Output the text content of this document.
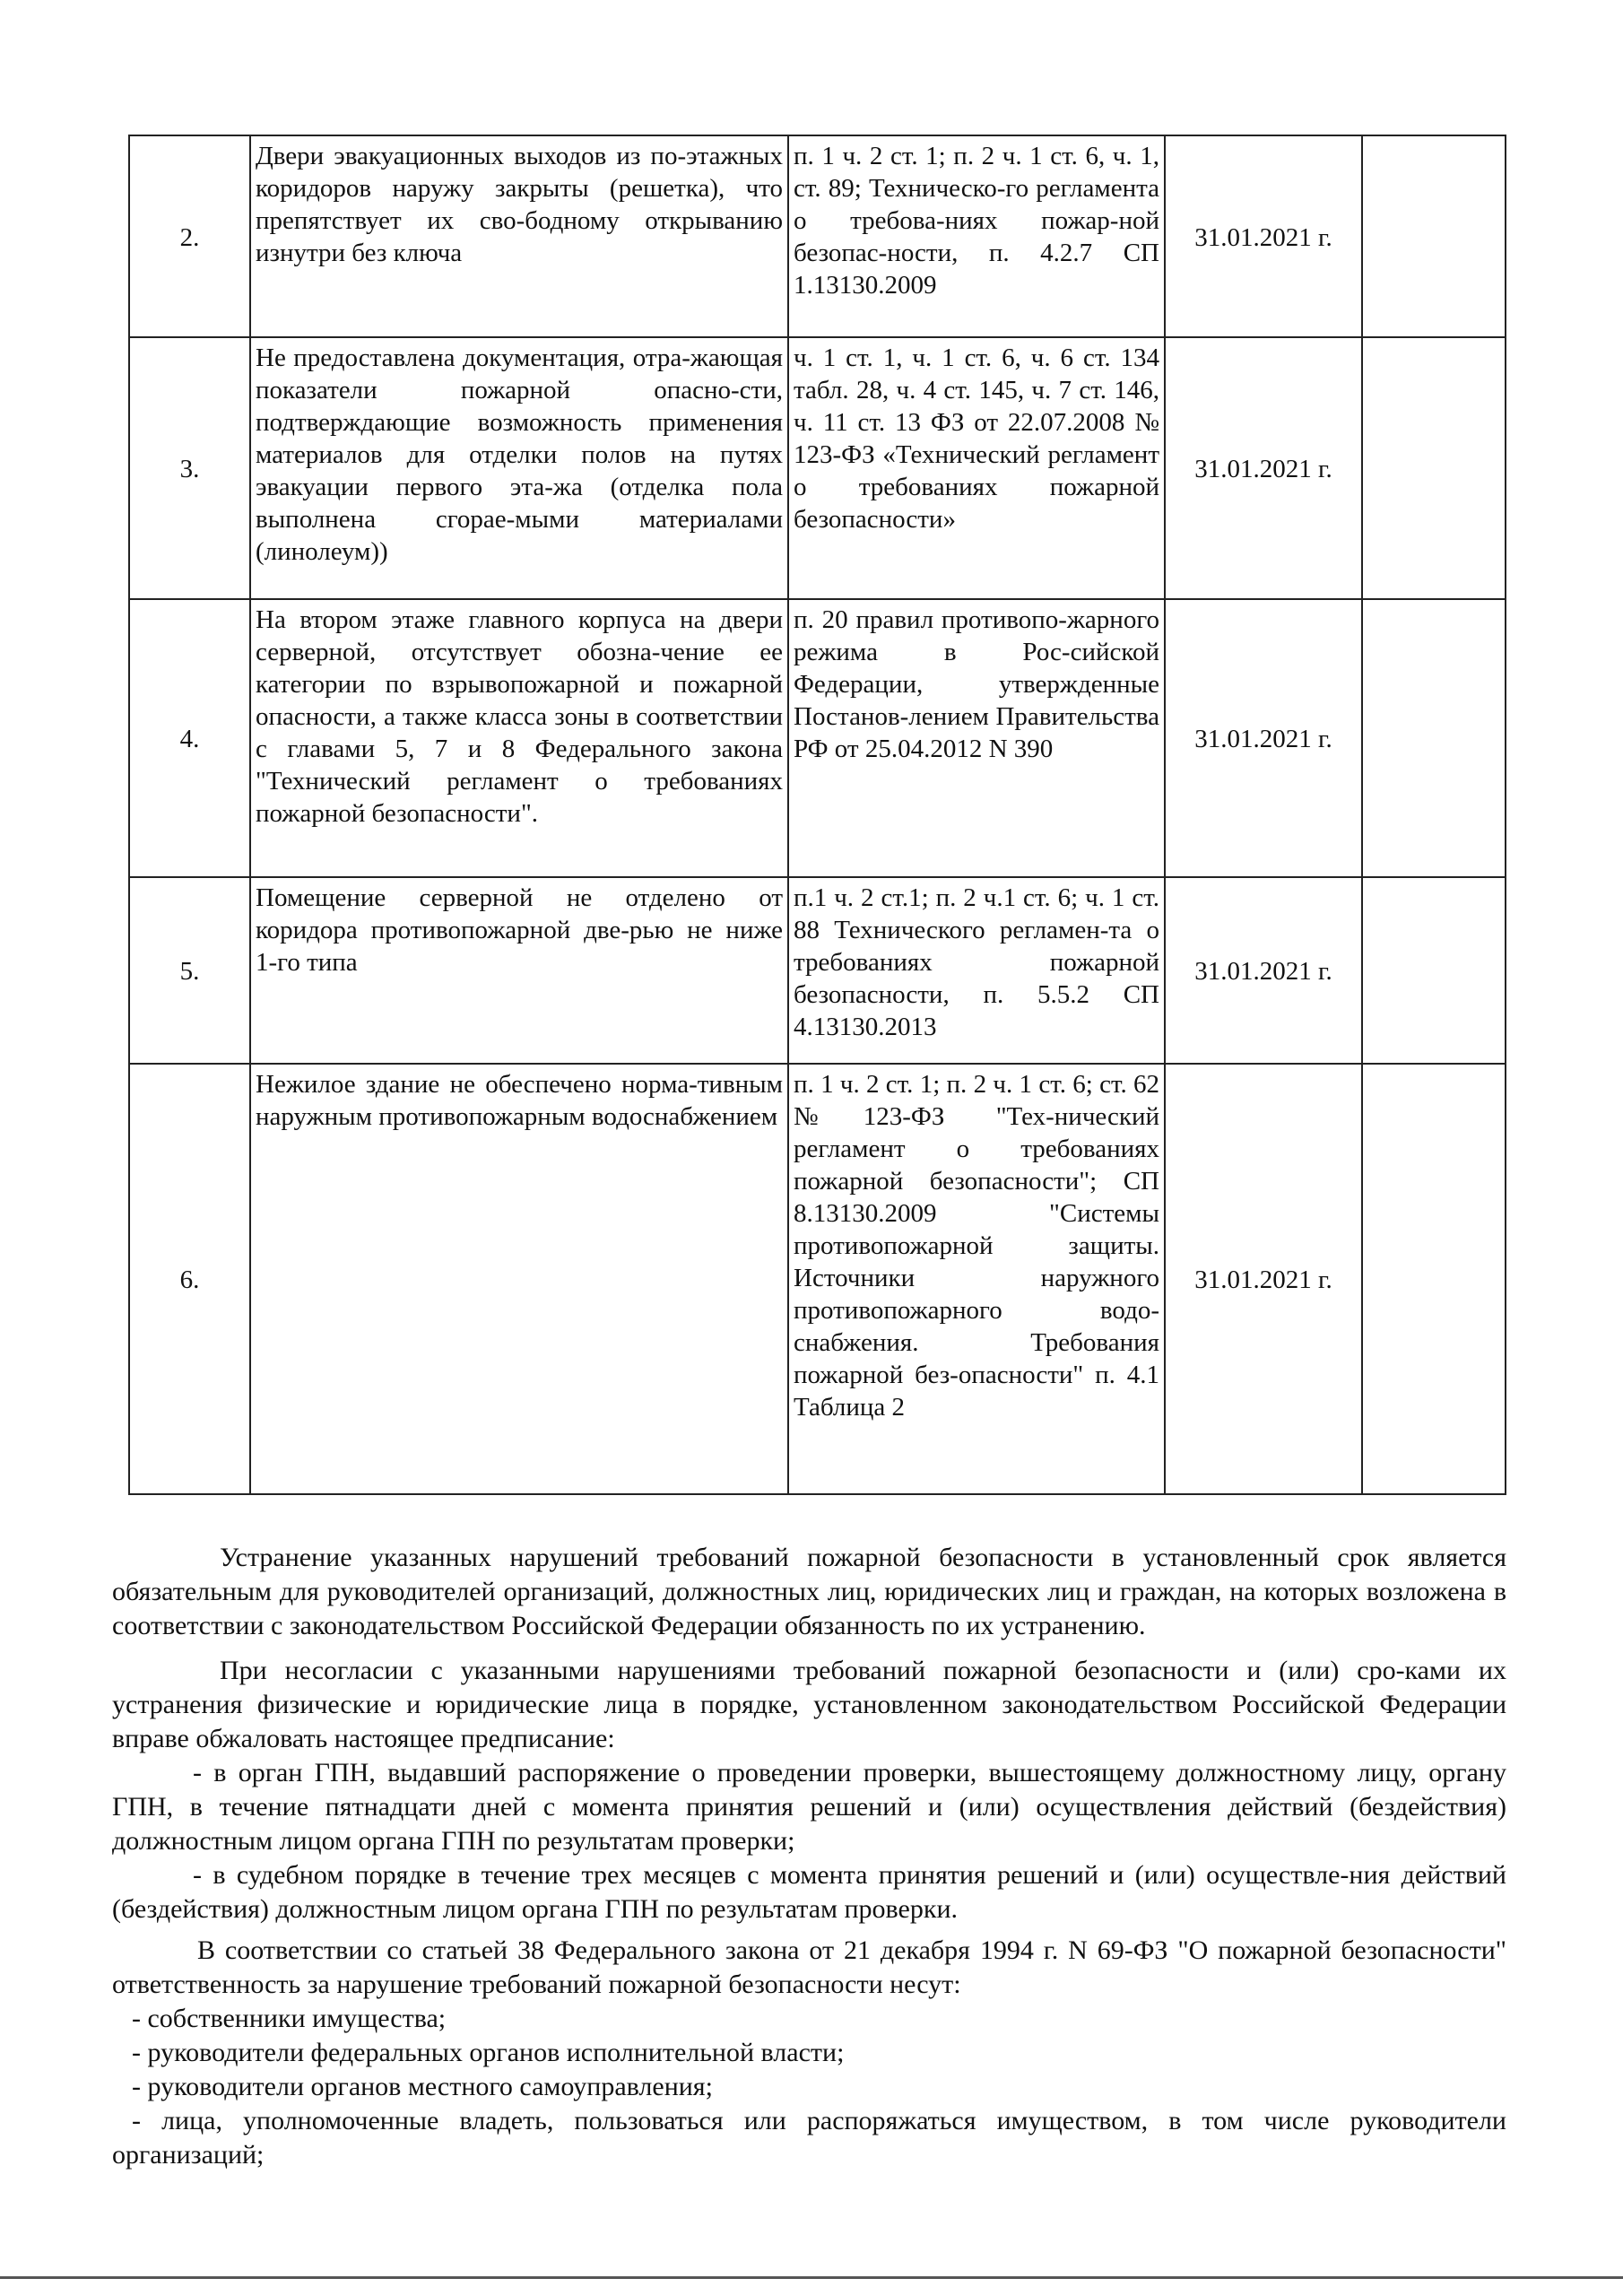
2.	Двери эвакуационных выходов из по-этажных коридоров наружу закрыты (решетка), что препятствует их сво-бодному открыванию изнутри без ключа	п. 1 ч. 2 ст. 1; п. 2 ч. 1 ст. 6, ч. 1, ст. 89; Техническо-го регламента о требова-ниях пожар-ной безопас-ности, п. 4.2.7 СП 1.13130.2009	31.01.2021 г.	
3.	Не предоставлена документация, отра-жающая показатели пожарной опасно-сти, подтверждающие возможность применения материалов для отделки полов на путях эвакуации первого эта-жа (отделка пола выполнена сгорае-мыми материалами (линолеум))	ч. 1 ст. 1, ч. 1 ст. 6, ч. 6 ст. 134 табл. 28, ч. 4 ст. 145, ч. 7 ст. 146, ч. 11 ст. 13 ФЗ от 22.07.2008 № 123-ФЗ «Технический регламент о требованиях пожарной безопасности»	31.01.2021 г.	
4.	На втором этаже главного корпуса на двери серверной, отсутствует обозна-чение ее категории по взрывопожарной и пожарной опасности, а также класса зоны в соответствии с главами 5, 7 и 8 Федерального закона "Технический регламент о требованиях пожарной безопасности".	п. 20 правил противопо-жарного режима в Рос-сийской Федерации, утвержденные Постанов-лением Правительства РФ от 25.04.2012 N 390	31.01.2021 г.	
5.	Помещение серверной не отделено от коридора противопожарной две-рью не ниже 1-го типа	п.1 ч. 2 ст.1; п. 2 ч.1 ст. 6; ч. 1 ст. 88 Технического регламен-та о требованиях пожарной безопасности, п. 5.5.2 СП 4.13130.2013	31.01.2021 г.	
6.	Нежилое здание не обеспечено норма-тивным наружным противопожарным водоснабжением	п. 1 ч. 2 ст. 1; п. 2 ч. 1 ст. 6; ст. 62 №123-ФЗ "Тех-нический регламент о требованиях пожарной безопасности"; СП 8.13130.2009 "Системы противопожарной защиты. Источники наружного противопожарного водо-снабжения. Требования пожарной без-опасности" п. 4.1 Таблица 2	31.01.2021 г.	

Устранение указанных нарушений требований пожарной безопасности в установленный срок является обязательным для руководителей организаций, должностных лиц, юридических лиц и граждан, на которых возложена в соответствии с законодательством Российской Федерации обязанность по их устранению.

При несогласии с указанными нарушениями требований пожарной безопасности и (или) сро-ками их устранения физические и юридические лица в порядке, установленном законодательством Российской Федерации вправе обжаловать настоящее предписание:

- в орган ГПН, выдавший распоряжение о проведении проверки, вышестоящему должностному лицу, органу ГПН, в течение пятнадцати дней с момента принятия решений и (или) осуществления действий (бездействия) должностным лицом органа ГПН по результатам проверки;

- в судебном порядке в течение трех месяцев с момента принятия решений и (или) осуществле-ния действий (бездействия) должностным лицом органа ГПН по результатам проверки.

В соответствии со статьей 38 Федерального закона от 21 декабря 1994 г. N 69-ФЗ "О пожарной безопасности" ответственность за нарушение требований пожарной безопасности несут:

- собственники имущества;

- руководители федеральных органов исполнительной власти;

- руководители органов местного самоуправления;

- лица, уполномоченные владеть, пользоваться или распоряжаться имуществом, в том числе руководители организаций;
